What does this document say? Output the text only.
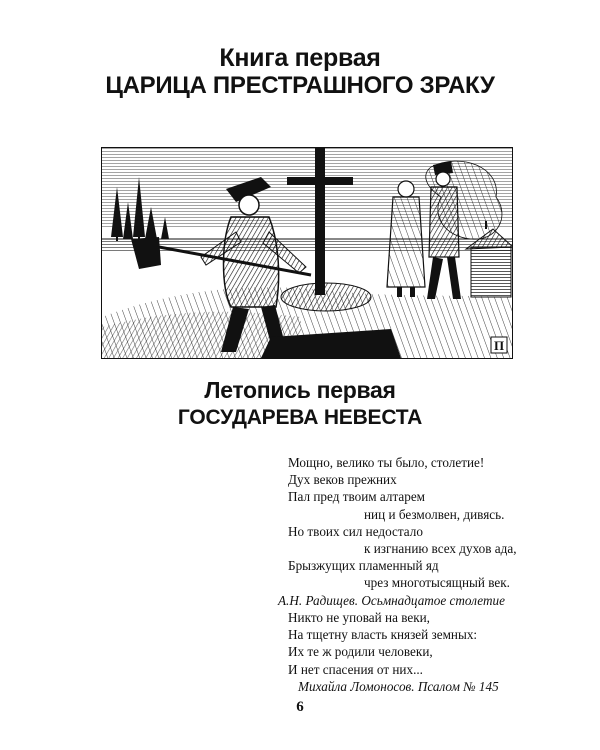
Книга первая
ЦАРИЦА ПРЕСТРАШНОГО ЗРАКУ
П
Летопись первая
ГОСУДАРЕВА НЕВЕСТА
Мощно, велико ты было, столетие!
Дух веков прежних
Пал пред твоим алтарем
ниц и безмолвен, дивясь.
Но твоих сил недостало
к изгнанию всех духов ада,
Брызжущих пламенный яд
чрез многотысящный век.
А.Н. Радищев. Осьмнадцатое столетие
Никто не уповай на веки,
На тщетну власть князей земных:
Их те ж родили человеки,
И нет спасения от них...
Михайла Ломоносов. Псалом № 145
6
